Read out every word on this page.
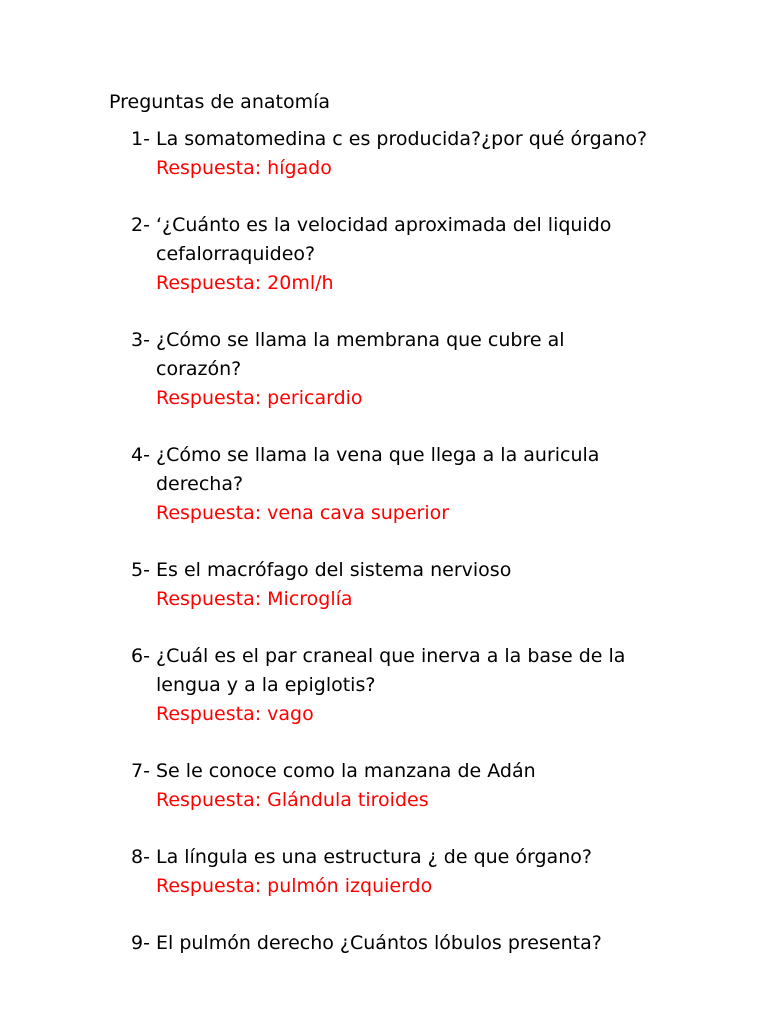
Preguntas de anatomía
1- La somatomedina c es producida?¿por qué órgano?
Respuesta: hígado
2- ‘¿Cuánto es la velocidad aproximada del liquido cefalorraquideo?
Respuesta: 20ml/h
3- ¿Cómo se llama la membrana que cubre al corazón?
Respuesta: pericardio
4- ¿Cómo se llama la vena que llega a la auricula derecha?
Respuesta: vena cava superior
5- Es el macrófago del sistema nervioso
Respuesta: Microglía
6- ¿Cuál es el par craneal que inerva a la base de la lengua y a la epiglotis?
Respuesta: vago
7- Se le conoce como la manzana de Adán
Respuesta: Glándula tiroides
8- La língula es una estructura ¿ de que órgano?
Respuesta: pulmón izquierdo
9- El pulmón derecho ¿Cuántos lóbulos presenta?
